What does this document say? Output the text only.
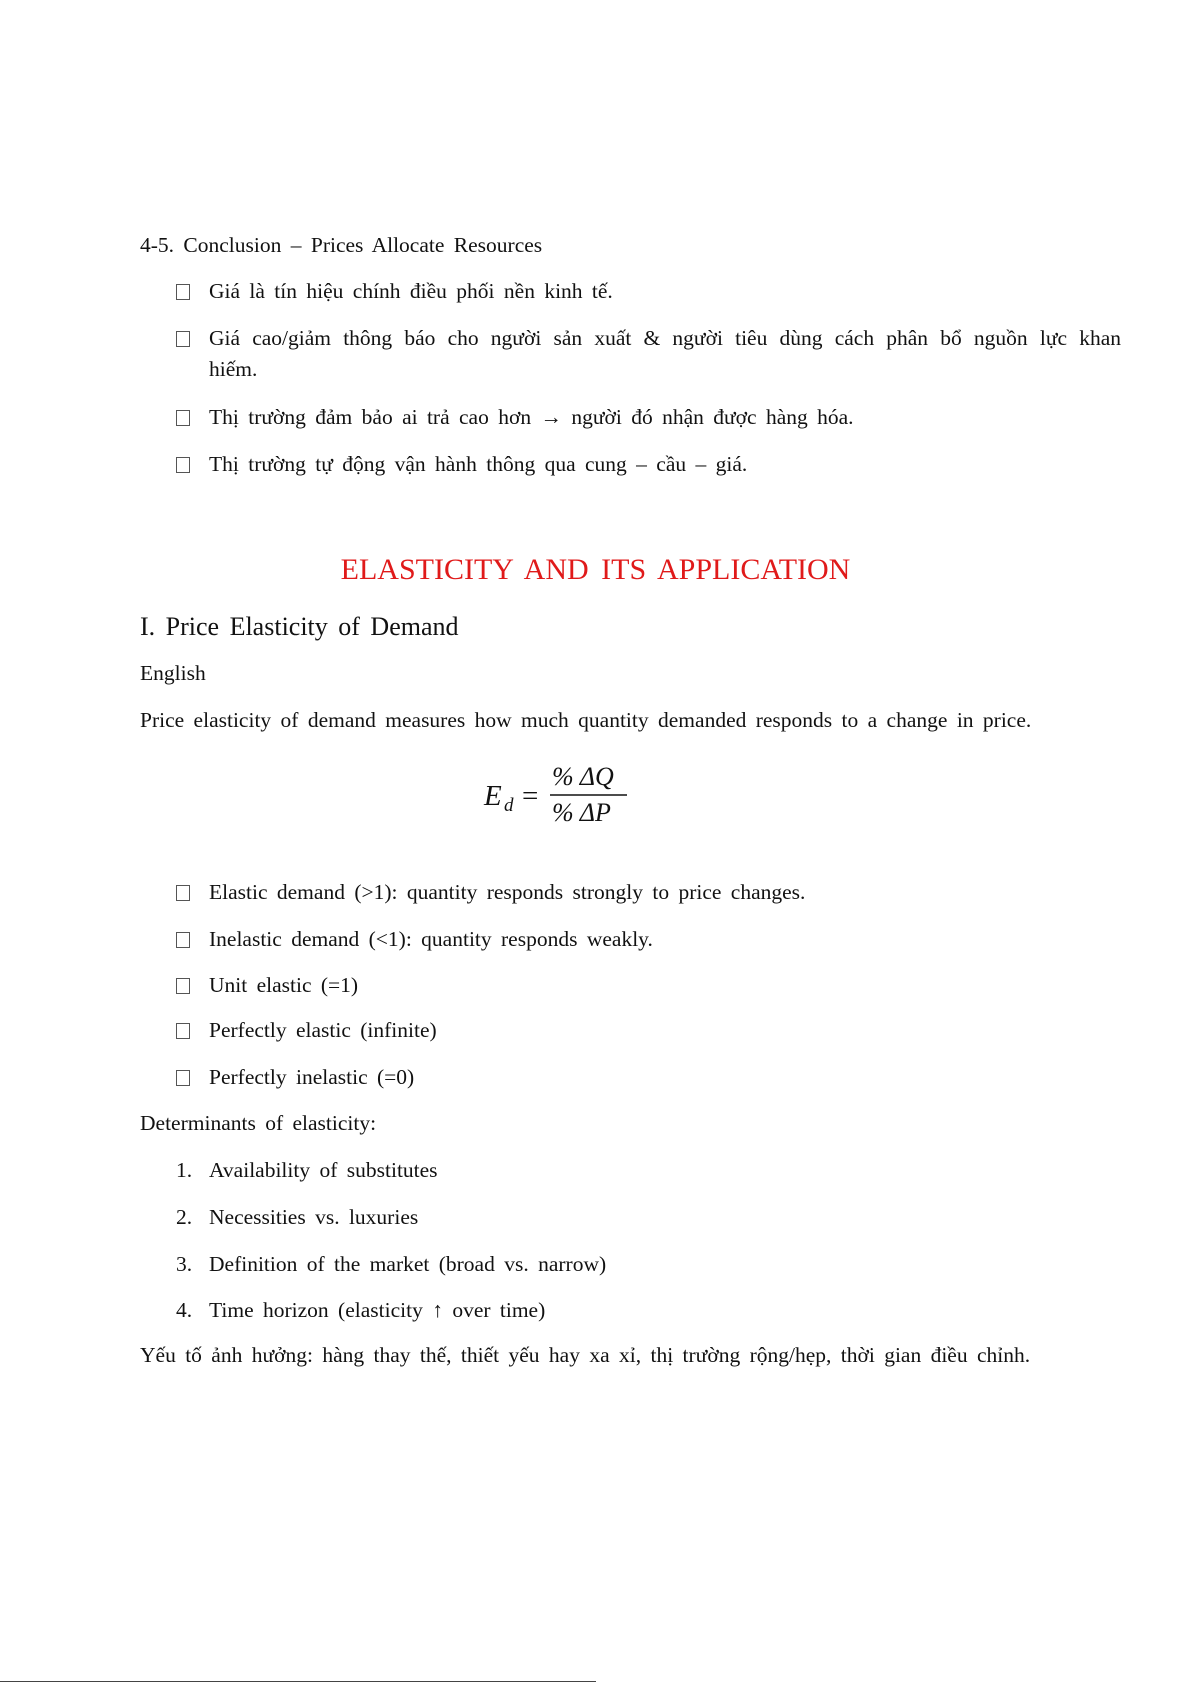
4-5. Conclusion – Prices Allocate Resources
Giá là tín hiệu chính điều phối nền kinh tế.
Giá cao/giảm thông báo cho người sản xuất & người tiêu dùng cách phân bổ nguồn lực khan hiếm.
Thị trường đảm bảo ai trả cao hơn → người đó nhận được hàng hóa.
Thị trường tự động vận hành thông qua cung – cầu – giá.
ELASTICITY AND ITS APPLICATION
I. Price Elasticity of Demand
English
Price elasticity of demand measures how much quantity demanded responds to a change in price.
E d =
% ΔQ
% ΔP
Elastic demand (>1): quantity responds strongly to price changes.
Inelastic demand (<1): quantity responds weakly.
Unit elastic (=1)
Perfectly elastic (infinite)
Perfectly inelastic (=0)
Determinants of elasticity:
1. Availability of substitutes
2. Necessities vs. luxuries
3. Definition of the market (broad vs. narrow)
4. Time horizon (elasticity ↑ over time)
Yếu tố ảnh hưởng: hàng thay thế, thiết yếu hay xa xỉ, thị trường rộng/hẹp, thời gian điều chỉnh.
